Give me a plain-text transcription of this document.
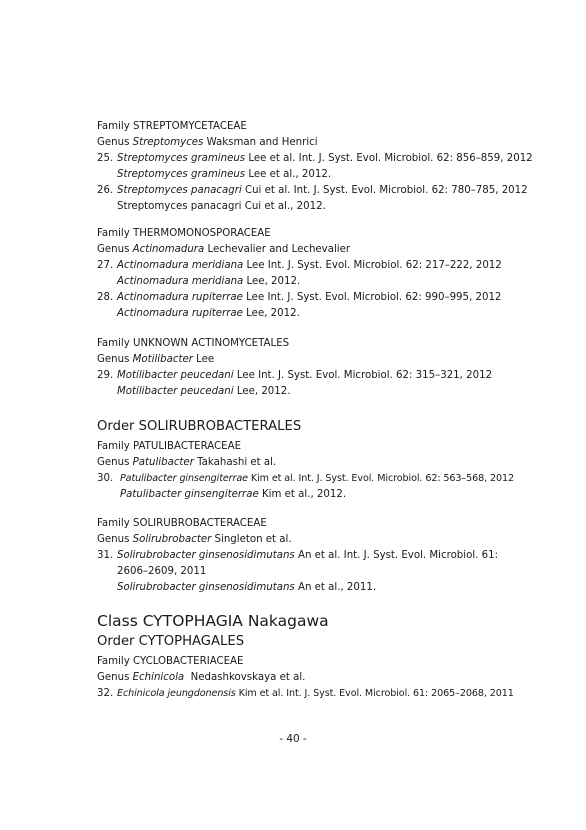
Family STREPTOMYCETACEAE
Genus Streptomyces Waksman and Henrici
25. Streptomyces gramineus Lee et al. Int. J. Syst. Evol. Microbiol. 62: 856–859, 2012
Streptomyces gramineus Lee et al., 2012.
26. Streptomyces panacagri Cui et al. Int. J. Syst. Evol. Microbiol. 62: 780–785, 2012
Streptomyces panacagri Cui et al., 2012.
Family THERMOMONOSPORACEAE
Genus Actinomadura Lechevalier and Lechevalier
27. Actinomadura meridiana Lee Int. J. Syst. Evol. Microbiol. 62: 217–222, 2012
Actinomadura meridiana Lee, 2012.
28. Actinomadura rupiterrae Lee Int. J. Syst. Evol. Microbiol. 62: 990–995, 2012
Actinomadura rupiterrae Lee, 2012.
Family UNKNOWN ACTINOMYCETALES
Genus Motilibacter Lee
29. Motilibacter peucedani Lee Int. J. Syst. Evol. Microbiol. 62: 315–321, 2012
Motilibacter peucedani Lee, 2012.
Order SOLIRUBROBACTERALES
Family PATULIBACTERACEAE
Genus Patulibacter Takahashi et al.
30. Patulibacter ginsengiterrae Kim et al. Int. J. Syst. Evol. Microbiol. 62: 563–568, 2012
Patulibacter ginsengiterrae Kim et al., 2012.
Family SOLIRUBROBACTERACEAE
Genus Solirubrobacter Singleton et al.
31. Solirubrobacter ginsenosidimutans An et al. Int. J. Syst. Evol. Microbiol. 61: 2606–2609, 2011
Solirubrobacter ginsenosidimutans An et al., 2011.
Class CYTOPHAGIA Nakagawa
Order CYTOPHAGALES
Family CYCLOBACTERIACEAE
Genus Echinicola  Nedashkovskaya et al.
32. Echinicola jeungdonensis Kim et al. Int. J. Syst. Evol. Microbiol. 61: 2065–2068, 2011
- 40 -
